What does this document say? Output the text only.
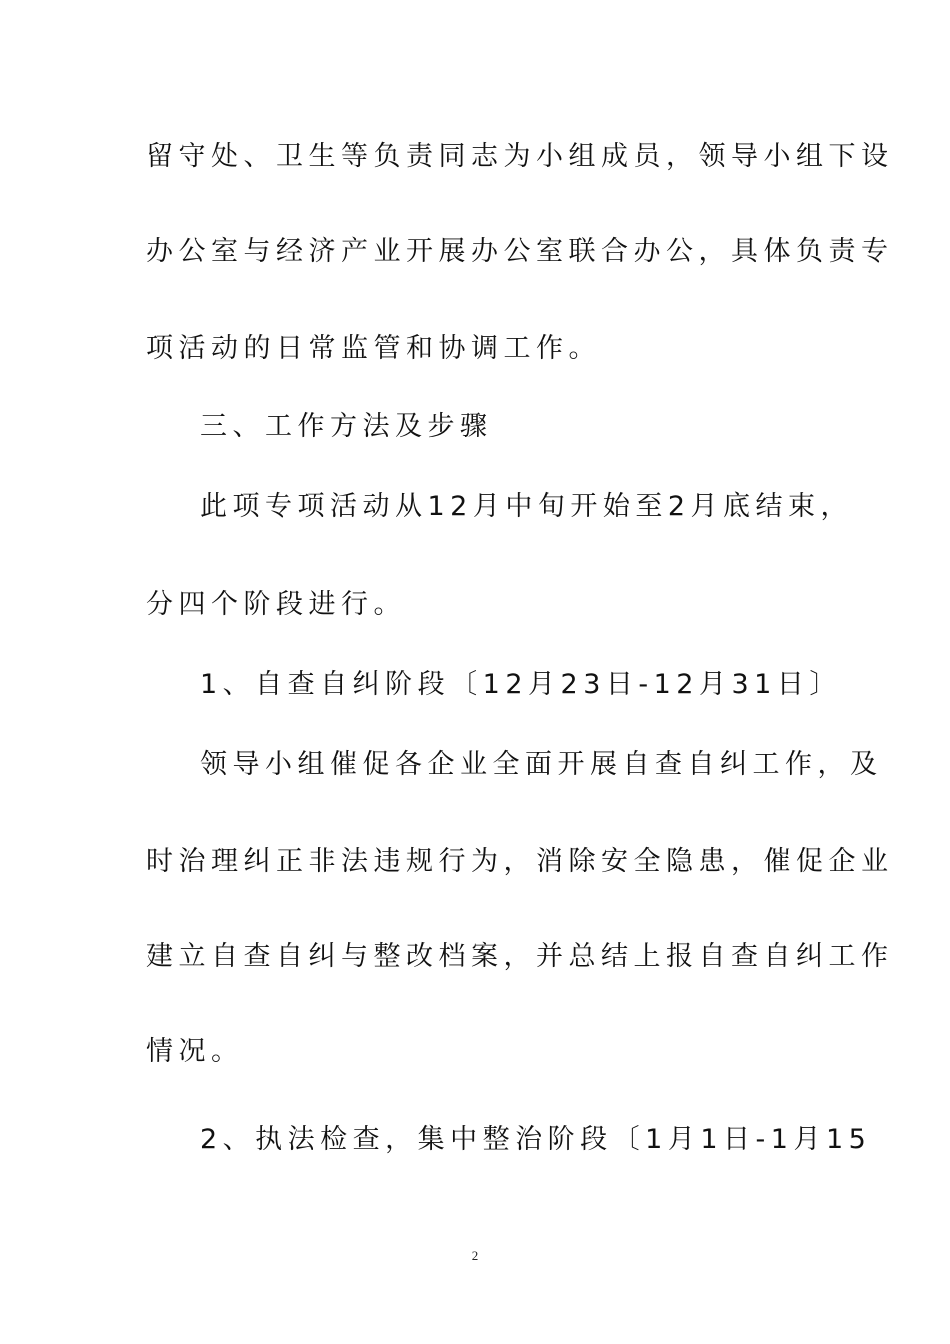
留守处、卫生等负责同志为小组成员，领导小组下设
办公室与经济产业开展办公室联合办公，具体负责专
项活动的日常监管和协调工作。
三、工作方法及步骤
此项专项活动从12月中旬开始至2月底结束，
分四个阶段进行。
1、自查自纠阶段〔12月23日-12月31日〕
领导小组催促各企业全面开展自查自纠工作，及
时治理纠正非法违规行为，消除安全隐患，催促企业
建立自查自纠与整改档案，并总结上报自查自纠工作
情况。
2、执法检查，集中整治阶段〔1月1日-1月15
2
